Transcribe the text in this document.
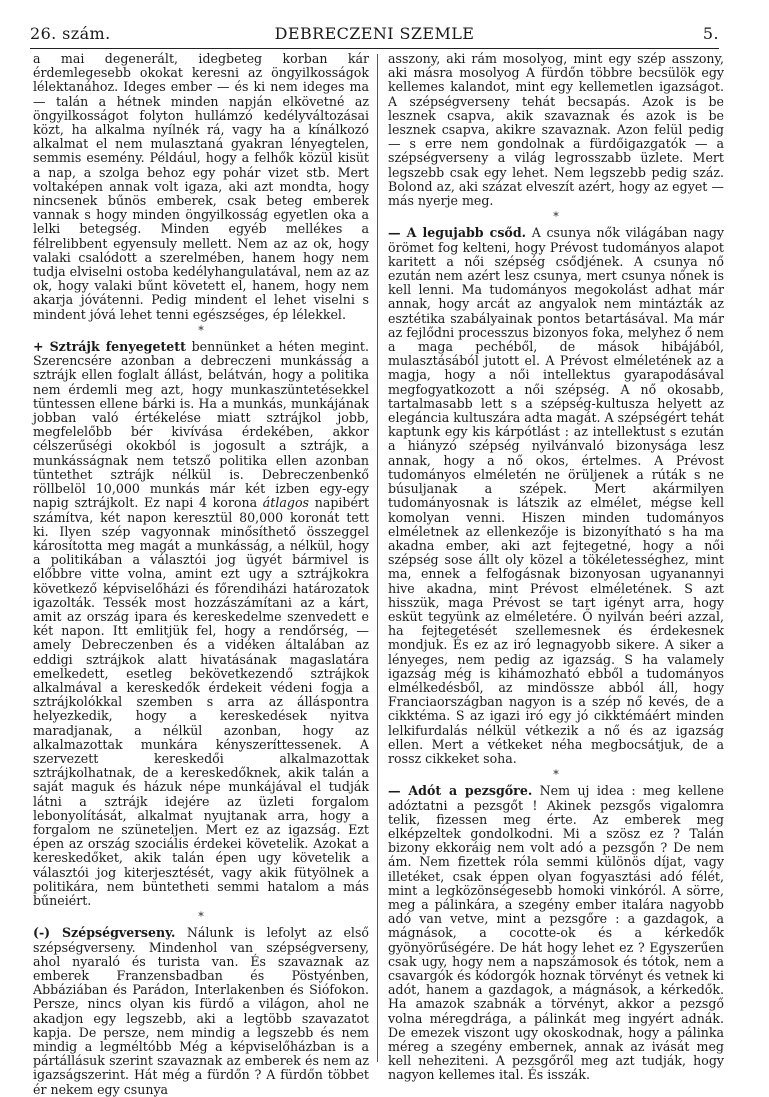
26. szám.	DEBRECZENI SZEMLE	5.

a mai degenerált, idegbeteg korban kár érdemlegesebb okokat keresni az öngyilkosságok lélektanához. Ideges ember — és ki nem ideges ma — talán a hétnek minden napján elkövetné az öngyilkosságot folyton hullámzó kedélyváltozásai közt, ha alkalma nyílnék rá, vagy ha a kínálkozó alkalmat el nem mulasztaná gyakran lényegtelen, semmis esemény. Például, hogy a felhők közül kisüt a nap, a szolga behoz egy pohár vizet stb. Mert voltaképen annak volt igaza, aki azt mondta, hogy nincsenek bűnös emberek, csak beteg emberek vannak s hogy minden öngyilkosság egyetlen oka a lelki betegség. Minden egyéb mellékes a félrelibbent egyensuly mellett. Nem az az ok, hogy valaki csalódott a szerelmében, hanem hogy nem tudja elviselni ostoba kedélyhangulatával, nem az az ok, hogy valaki bűnt követett el, hanem, hogy nem akarja jóvátenni. Pedig mindent el lehet viselni s mindent jóvá lehet tenni egészséges, ép lélekkel.

*

+ Sztrájk fenyegetett bennünket a héten megint. Szerencsére azonban a debreczeni munkásság a sztrájk ellen foglalt állást, belátván, hogy a politika nem érdemli meg azt, hogy munkaszüntetésekkel tüntessen ellene bárki is. Ha a munkás, munkájának jobban való értékelése miatt sztrájkol jobb, megfelelőbb bér kivívása érdekében, akkor célszerűségi okokból is jogosult a sztrájk, a munkásságnak nem tetsző politika ellen azonban tüntethet sztrájk nélkül is. Debreczenbenkő röllbelöl 10,000 munkás már két izben egy-egy napig sztrájkolt. Ez napi 4 korona átlagos napibért számítva, két napon keresztül 80,000 koronát tett ki. Ilyen szép vagyonnak minősíthető összeggel károsította meg magát a munkásság, a nélkül, hogy a politikában a választói jog ügyét bármivel is előbbre vitte volna, amint ezt ugy a sztrájkokra következő képviselőházi és főrendiházi határozatok igazolták. Tessék most hozzászámítani az a kárt, amit az ország ipara és kereskedelme szenvedett e két napon. Itt emlitjük fel, hogy a rendőrség, —amely Debreczenben és a vidéken általában az eddigi sztrájkok alatt hivatásának magaslatára emelkedett, esetleg bekövetkezendő sztrájkok alkalmával a kereskedők érdekeit védeni fogja a sztrájkolókkal szemben s arra az álláspontra helyezkedik, hogy a kereskedések nyitva maradjanak, a nélkül azonban, hogy az alkalmazottak munkára kényszeríttessenek. A szervezett kereskedői alkalmazottak sztrájkolhatnak, de a kereskedőknek, akik talán a saját maguk és házuk népe munkájával el tudják látni a sztrájk idejére az üzleti forgalom lebonyolítását, alkalmat nyujtanak arra, hogy a forgalom ne szüneteljen. Mert ez az igazság. Ezt épen az ország szociális érdekei követelik. Azokat a kereskedőket, akik talán épen ugy követelik a választói jog kiterjesztését, vagy akik fütyölnek a politikára, nem büntetheti semmi hatalom a más bűneiért.

*

(-) Szépségverseny. Nálunk is lefolyt az első szépségverseny. Mindenhol van szépségverseny, ahol nyaraló és turista van. És szavaznak az emberek Franzensbadban és Pöstyénben, Abbáziában és Parádon, Interlakenben és Siófokon. Persze, nincs olyan kis fürdő a világon, ahol ne akadjon egy legszebb, aki a legtöbb szavazatot kapja. De persze, nem mindig a legszebb és nem mindig a legméltóbb Még a képviselőházban is a pártállásuk szerint szavaznak az emberek és nem az igazságszerint. Hát még a fürdőn ? A fürdőn többet ér nekem egy csunya

asszony, aki rám mosolyog, mint egy szép asszony, aki másra mosolyog A fürdőn többre becsülök egy kellemes kalandot, mint egy kellemetlen igazságot. A szépségverseny tehát becsapás. Azok is be lesznek csapva, akik szavaznak és azok is be lesznek csapva, akikre szavaznak. Azon felül pedig — s erre nem gondolnak a fürdőigazgatók — a szépségverseny a világ legrosszabb üzlete. Mert legszebb csak egy lehet. Nem legszebb pedig száz. Bolond az, aki százat elveszít azért, hogy az egyet — más nyerje meg.

*

— A legujabb csőd. A csunya nők világában nagy örömet fog kelteni, hogy Prévost tudományos alapot karitett a női szépség csődjének. A csunya nő ezután nem azért lesz csunya, mert csunya nőnek is kell lenni. Ma tudományos megokolást adhat már annak, hogy arcát az angyalok nem mintázták az esztétika szabályainak pontos betartásával. Ma már az fejlődni processzus bizonyos foka, melyhez ő nem a maga pechéből, de mások hibájából, mulasztásából jutott el. A Prévost elméletének az a magja, hogy a női intellektus gyarapodásával megfogyatkozott a női szépség. A nő okosabb, tartalmasabb lett s a szépség-kultusza helyett az elegáncia kultuszára adta magát. A szépségért tehát kaptunk egy kis kárpótlást : az intellektust s ezután a hiányzó szépség nyilvánvaló bizonysága lesz annak, hogy a nő okos, értelmes. A Prévost tudományos elméletén ne örüljenek a rúták s ne búsuljanak a szépek. Mert akármilyen tudományosnak is látszik az elmélet, mégse kell komolyan venni. Hiszen minden tudományos elméletnek az ellenkezője is bizonyítható s ha ma akadna ember, aki azt fejtegetné, hogy a női szépség sose állt oly közel a tökéletességhez, mint ma, ennek a felfogásnak bizonyosan ugyanannyi hive akadna, mint Prévost elméletének. S azt hisszük, maga Prévost se tart igényt arra, hogy esküt tegyünk az elméletére. Ő nyilván beéri azzal, ha fejtegetését szellemesnek és érdekesnek mondjuk. És ez az iró legnagyobb sikere. A siker a lényeges, nem pedig az igazság. S ha valamely igazság még is kihámozható ebből a tudományos elmélkedésből, az mindössze abból áll, hogy Franciaországban nagyon is a szép nő kevés, de a cikktéma. S az igazi iró egy jó cikktémáért minden lelkifurdalás nélkül vétkezik a nő és az igazság ellen. Mert a vétkeket néha megbocsátjuk, de a rossz cikkeket soha.

*

— Adót a pezsgőre. Nem uj idea : meg kellene adóztatni a pezsgőt ! Akinek pezsgős vigalomra telik, fizessen meg érte. Az emberek meg elképzeltek gondolkodni. Mi a szösz ez ? Talán bizony ekkoráig nem volt adó a pezsgőn ? De nem ám. Nem fizettek róla semmi különös díjat, vagy illetéket, csak éppen olyan fogyasztási adó félét, mint a legközönségesebb homoki vinkóról. A sörre, meg a pálinkára, a szegény ember italára nagyobb adó van vetve, mint a pezsgőre : a gazdagok, a mágnások, a cocotte-ok és a kérkedők gyönyörűségére. De hát hogy lehet ez ? Egyszerűen csak ugy, hogy nem a napszámosok és tótok, nem a csavargók és kódorgók hoznak törvényt és vetnek ki adót, hanem a gazdagok, a mágnások, a kérkedők. Ha amazok szabnák a törvényt, akkor a pezsgő volna méregdrága, a pálinkát meg ingyért adnák. De emezek viszont ugy okoskodnak, hogy a pálinka méreg a szegény embernek, annak az ivását meg kell neheziteni. A pezsgőről meg azt tudják, hogy nagyon kellemes ital. És isszák.
